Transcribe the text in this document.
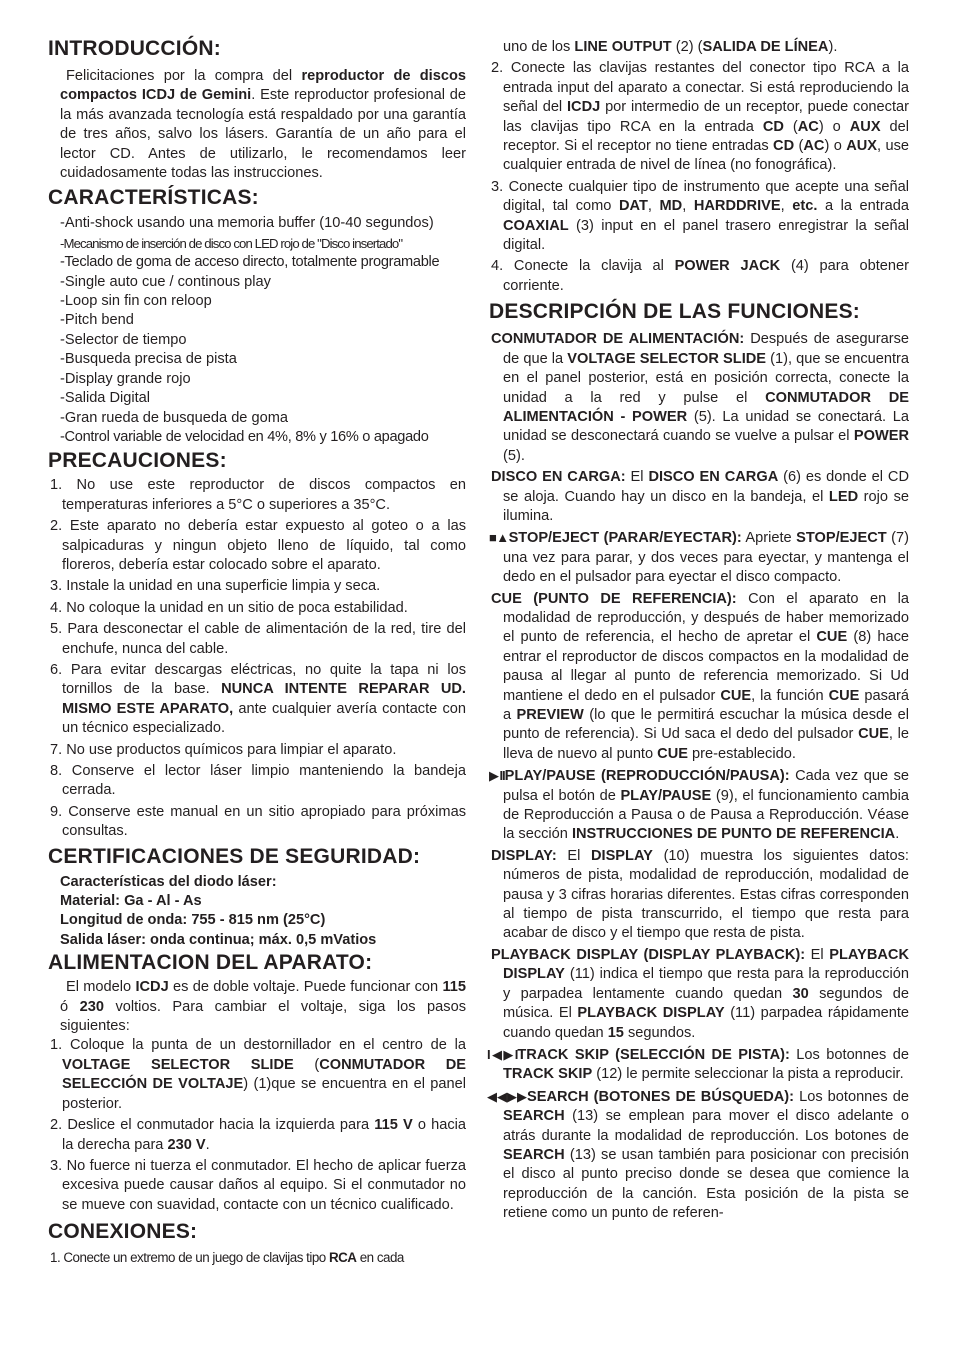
INTRODUCCIÓN:

Felicitaciones por la compra del reproductor de discos compactos ICDJ de Gemini. Este reproductor profesional de la más avanzada tecnología está respaldado por una garantía de tres años, salvo los lásers. Garantía de un año para el lector CD. Antes de utilizarlo, le recomendamos leer cuidadosamente todas las instrucciones.

CARACTERÍSTICAS:

-Anti-shock usando una memoria buffer (10-40 segundos)

-Mecanismo de inserción de disco con LED rojo de "Disco insertado"

-Teclado de goma de acceso directo, totalmente programable

-Single auto cue / continous play

-Loop sin fin con reloop

-Pitch bend

-Selector de tiempo

-Busqueda precisa de pista

-Display grande rojo

-Salida Digital

-Gran rueda de busqueda de goma

-Control variable de velocidad en 4%, 8% y 16% o apagado

PRECAUCIONES:

1. No use este reproductor de discos compactos en temperaturas inferiores a 5°C o superiores a 35°C.

2. Este aparato no debería estar expuesto al goteo o a las salpicaduras y ningun objeto lleno de líquido, tal como floreros, debería estar colocado sobre el aparato.

3. Instale la unidad en una superficie limpia y seca.

4. No coloque la unidad en un sitio de poca estabilidad.

5. Para desconectar el cable de alimentación de la red, tire del enchufe, nunca del cable.

6. Para evitar descargas eléctricas, no quite la tapa ni los tornillos de la base. NUNCA INTENTE REPARAR UD. MISMO ESTE APARATO, ante cualquier avería contacte con un técnico especializado.

7. No use productos químicos para limpiar el aparato.

8. Conserve el lector láser limpio manteniendo la bandeja cerrada.

9. Conserve este manual en un sitio apropiado para próximas consultas.

CERTIFICACIONES DE SEGURIDAD:

Características del diodo láser:

Material: Ga - Al - As

Longitud de onda: 755 - 815 nm (25°C)

Salida láser: onda continua; máx. 0,5 mVatios

ALIMENTACION DEL APARATO:

El modelo ICDJ es de doble voltaje. Puede funcionar con 115 ó 230 voltios. Para cambiar el voltaje, siga los pasos siguientes:

1. Coloque la punta de un destornillador en el centro de la VOLTAGE SELECTOR SLIDE (CONMUTADOR DE SELECCIÓN DE VOLTAJE) (1)que se encuentra en el panel posterior.

2. Deslice el conmutador hacia la izquierda para 115 V o hacia la derecha para 230 V.

3. No fuerce ni tuerza el conmutador. El hecho de aplicar fuerza excesiva puede causar daños al equipo. Si el conmutador no se mueve con suavidad, contacte con un técnico cualificado.

CONEXIONES:

1. Conecte un extremo de un juego de clavijas tipo RCA en cada

uno de los LINE OUTPUT (2) (SALIDA DE LÍNEA).

2. Conecte las clavijas restantes del conector tipo RCA a la entrada input del aparato a conectar. Si está reproduciendo la señal del ICDJ por intermedio de un receptor, puede conectar las clavijas tipo RCA en la entrada CD (AC) o AUX del receptor. Si el receptor no tiene entradas CD (AC) o AUX, use cualquier entrada de nivel de línea (no fonográfica).

3. Conecte cualquier tipo de instrumento que acepte una señal digital, tal como DAT, MD, HARDDRIVE, etc. a la entrada COAXIAL (3) input en el panel trasero enregistrar la señal digital.

4. Conecte la clavija al POWER JACK (4) para obtener corriente.

DESCRIPCIÓN DE LAS FUNCIONES:

CONMUTADOR DE ALIMENTACIÓN: Después de asegurarse de que la VOLTAGE SELECTOR SLIDE (1), que se encuentra en el panel posterior, está en posición correcta, conecte la unidad a la red y pulse el CONMUTADOR DE ALIMENTACIÓN - POWER (5). La unidad se conectará. La unidad se desconectará cuando se vuelve a pulsar el POWER (5).

DISCO EN CARGA: El DISCO EN CARGA (6) es donde el CD se aloja. Cuando hay un disco en la bandeja, el LED rojo se ilumina.

■▲STOP/EJECT (PARAR/EYECTAR): Apriete STOP/EJECT (7) una vez para parar, y dos veces para eyectar, y mantenga el dedo en el pulsador para eyectar el disco compacto.

CUE (PUNTO DE REFERENCIA): Con el aparato en la modalidad de reproducción, y después de haber memorizado el punto de referencia, el hecho de apretar el CUE (8) hace entrar el reproductor de discos compactos en la modalidad de pausa al llegar al punto de referencia memorizado. Si Ud mantiene el dedo en el pulsador CUE, la función CUE pasará a PREVIEW (lo que le permitirá escuchar la música desde el punto de referencia). Si Ud saca el dedo del pulsador CUE, le lleva de nuevo al punto CUE pre-establecido.

▶IIPLAY/PAUSE (REPRODUCCIÓN/PAUSA): Cada vez que se pulsa el botón de PLAY/PAUSE (9), el funcionamiento cambia de Reproducción a Pausa o de Pausa a Reproducción. Véase la sección INSTRUCCIONES DE PUNTO DE REFERENCIA.

DISPLAY: El DISPLAY (10) muestra los siguientes datos: números de pista, modalidad de reproducción, modalidad de pausa y 3 cifras horarias diferentes. Estas cifras corresponden al tiempo de pista transcurrido, el tiempo que resta para acabar de disco y el tiempo que resta de pista.

PLAYBACK DISPLAY (DISPLAY PLAYBACK): El PLAYBACK DISPLAY (11) indica el tiempo que resta para la reproducción y parpadea lentamente cuando quedan 30 segundos de música. El PLAYBACK DISPLAY (11) parpadea rápidamente cuando quedan 15 segundos.

I◀▶ITRACK SKIP (SELECCIÓN DE PISTA): Los botonnes de TRACK SKIP (12) le permite seleccionar la pista a reproducir.

◀◀▶▶SEARCH (BOTONES DE BÚSQUEDA): Los botonnes de SEARCH (13) se emplean para mover el disco adelante o atrás durante la modalidad de reproducción. Los botones de SEARCH (13) se usan también para posicionar con precisión el disco al punto preciso donde se desea que comience la reproducción de la canción. Esta posición de la pista se retiene como un punto de referen-
